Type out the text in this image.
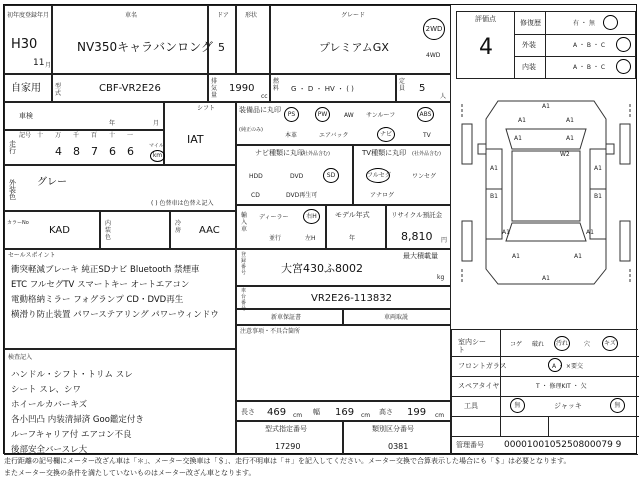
初年度登録年月
H30
11 月
車名
NV350キャラバンロング
ドア
5
形状	グレード
プレミアムGX
2WD
4WD
自家用 型式	CBF-VR2E26
排気量
1990
cc
燃料 G ・ D ・ HV ・ ( )
定員 5
人
車検
年	月
シフト
IAT
走行
記号 十 万 千 百 十 一
4 8 7 6 6	マイル
km
外装色
グレー
( ) 色替車は色替え記入
カラーNo
KAD
内装色
冷房 AAC
セールスポイント
衝突軽減ブレーキ 純正SDナビ Bluetooth 禁煙車
ETC フルセグTV スマートキー オートエアコン
電動格納ミラー フォグランプ CD・DVD再生
横滑り防止装置 パワーステアリング パワーウィンドウ
検査記入
ハンドル・シフト・トリム スレ
シート スレ、シワ
ホイールカバーキズ
各小凹凸 内装清掃済 Goo鑑定付き
ルーフキャリア付 エアコン不良
後部安全バースレ大
装備品に丸印
(純正のみ)
PS	PW	AW サンルーフ	ABS
本革	エアバック	ナビ	TV
ナビ種類に丸印
(社外品含む)
HDD	DVD	SD
CD	DVD再生可
TV種類に丸印 (社外品含む)
フルセグ	ワンセグ
アナログ
輸入車
ディーラー	右H
並行	左H
モデル年式
年
リサイクル預託金
8,810 円
登録番号	大宮430ふ8002
最大積載量
kg
車台番号
VR2E26-113832
新車保証書	車両取説
注意事項・不具合箇所
長さ 469 cm 幅 169 cm 高さ 199 cm
型式指定番号
17290
類別区分番号
0381
評価点
4
修復歴	有 ・ 無
外装	A ・ B ・ C
内装	A ・ B ・ C
A1
A1	A1
A1	A1
A1
B1
A1
B1
A1	A1
A1	A1
W2
A1
室内シート
コゲ 破れ	汚れ	穴	キズ
フロントガラス	A ・ ×要交
スペアタイヤ	T ・ 修理KIT ・ 欠
工具	無	ジャッキ	無
管理番号 0000100105250800079 9
走行距離の記号欄にメーター改ざん車は「＊」、メーター交換車は「＄」、走行不明車は「＃」を記入してください。メーター交換で合算表示した場合にも「＄」は必要となります。
またメーター交換の条件を満たしていないものはメーター改ざん車となります。
